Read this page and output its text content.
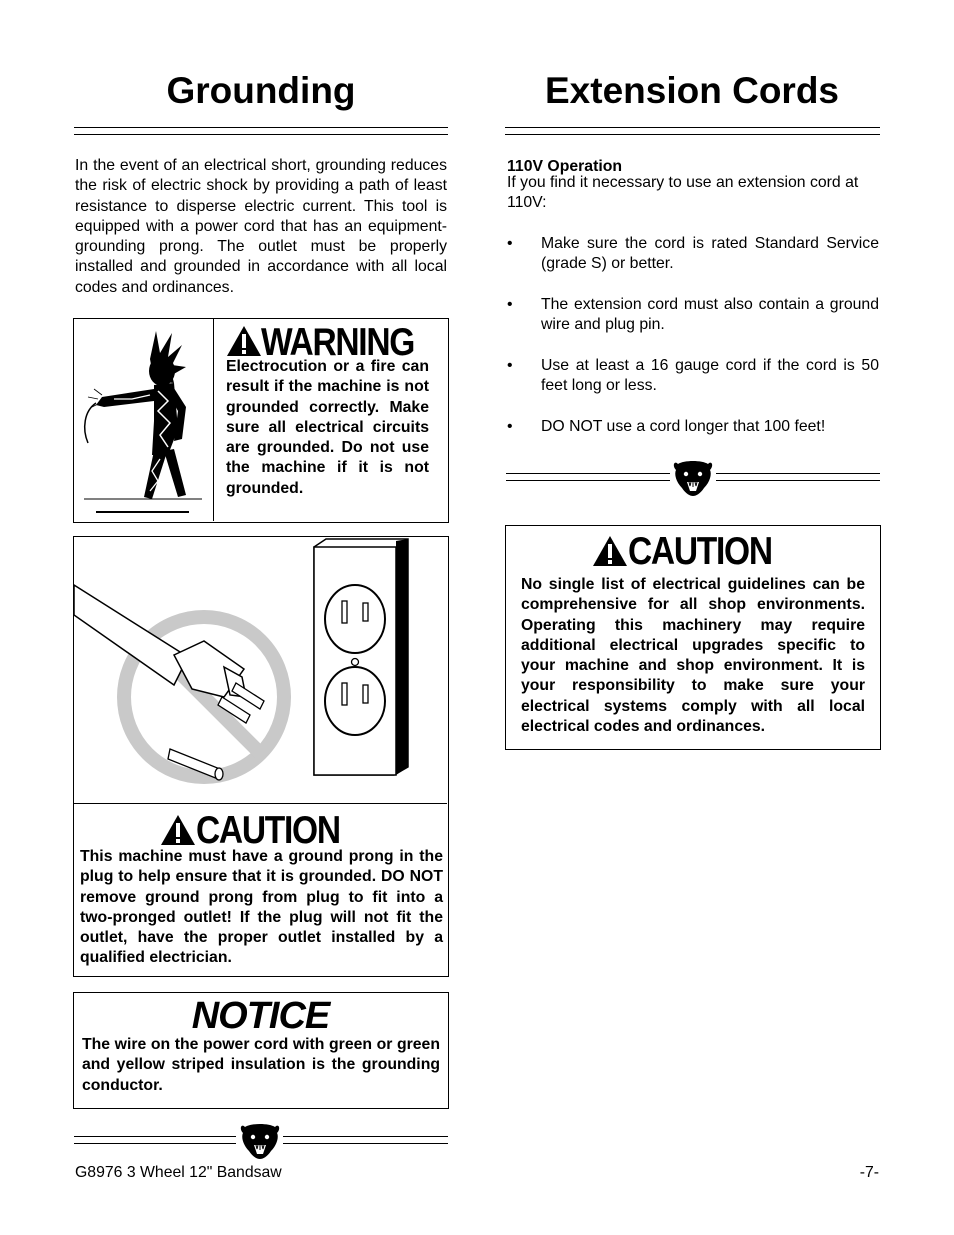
Grounding
In the event of an electrical short, grounding reduces the risk of electric shock by providing a path of least resistance to disperse electric current. This tool is equipped with a power cord that has an equipment-grounding prong. The outlet must be properly installed and grounded in accordance with all local codes and ordinances.
WARNING
Electrocution or a fire can result if the machine is not grounded correctly. Make sure all electrical circuits are grounded. Do not use the machine if it is not grounded.
CAUTION
This machine must have a ground prong in the plug to help ensure that it is grounded. DO NOT remove ground prong from plug to fit into a two-pronged outlet! If the plug will not fit the outlet, have the proper outlet installed by a qualified electrician.
NOTICE
The wire on the power cord with green or green and yellow striped insulation is the grounding conductor.
Extension Cords
110V Operation
If you find it necessary to use an extension cord at 110V:
• Make sure the cord is rated Standard Service (grade S) or better.
• The extension cord must also contain a ground wire and plug pin.
• Use at least a 16 gauge cord if the cord is 50 feet long or less.
• DO NOT use a cord longer that 100 feet!
CAUTION
No single list of electrical guidelines can be comprehensive for all shop environments. Operating this machinery may require additional electrical upgrades specific to your machine and shop environment. It is your responsibility to make sure your electrical systems comply with all local electrical codes and ordinances.
G8976 3 Wheel 12" Bandsaw	-7-
